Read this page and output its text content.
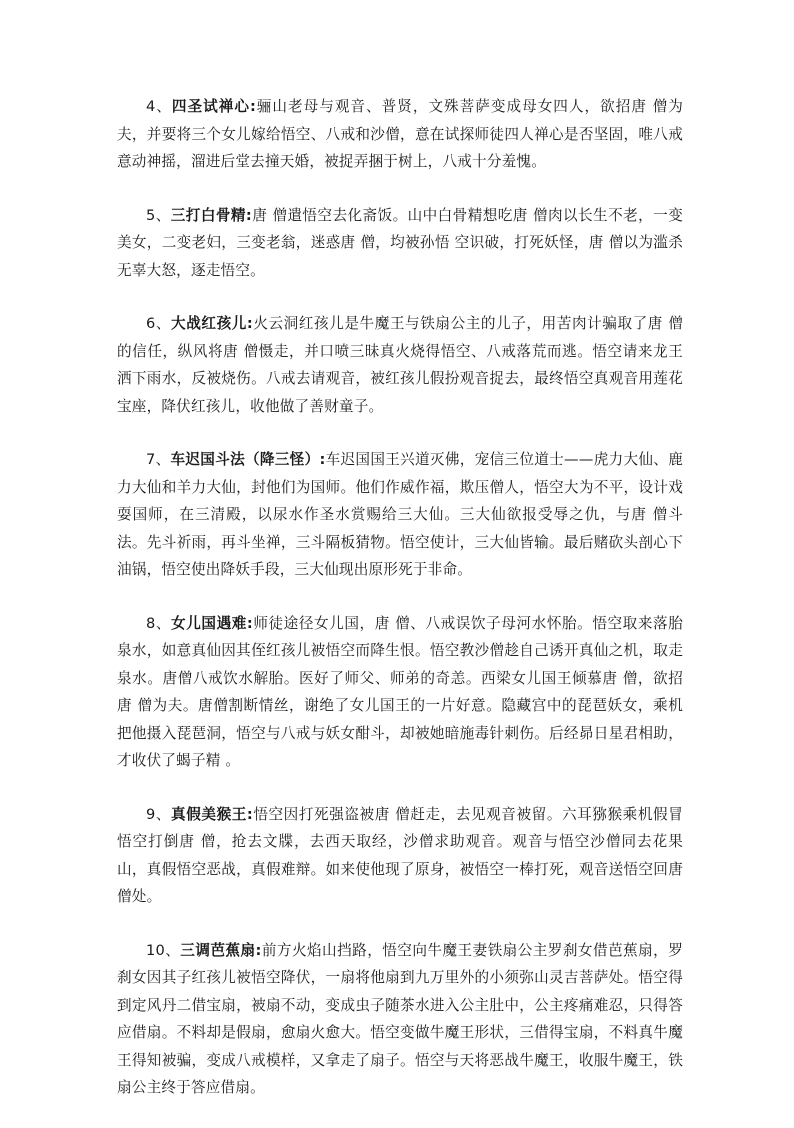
4、四圣试禅心:骊山老母与观音、普贤，文殊菩萨变成母女四人，欲招唐 僧为夫，并要将三个女儿嫁给悟空、八戒和沙僧，意在试探师徒四人禅心是否坚固，唯八戒意动神摇，溜进后堂去撞天婚，被捉弄捆于树上，八戒十分羞愧。

5、三打白骨精:唐 僧遣悟空去化斋饭。山中白骨精想吃唐 僧肉以长生不老，一变美女，二变老妇，三变老翁，迷惑唐 僧，均被孙悟 空识破，打死妖怪，唐 僧以为滥杀无辜大怒，逐走悟空。

6、大战红孩儿:火云洞红孩儿是牛魔王与铁扇公主的儿子，用苦肉计骗取了唐 僧的信任，纵风将唐 僧慑走，并口喷三昧真火烧得悟空、八戒落荒而逃。悟空请来龙王洒下雨水，反被烧伤。八戒去请观音，被红孩儿假扮观音捉去，最终悟空真观音用莲花宝座，降伏红孩儿，收他做了善财童子。

7、车迟国斗法（降三怪）:车迟国国王兴道灭佛，宠信三位道士——虎力大仙、鹿力大仙和羊力大仙，封他们为国师。他们作威作福，欺压僧人，悟空大为不平，设计戏耍国师，在三清殿，以尿水作圣水赏赐给三大仙。三大仙欲报受辱之仇，与唐 僧斗法。先斗祈雨，再斗坐禅，三斗隔板猜物。悟空使计，三大仙皆输。最后赌砍头剖心下油锅，悟空使出降妖手段，三大仙现出原形死于非命。

8、女儿国遇难:师徒途径女儿国，唐 僧、八戒误饮子母河水怀胎。悟空取来落胎泉水，如意真仙因其侄红孩儿被悟空而降生恨。悟空教沙僧趁自己诱开真仙之机，取走泉水。唐僧八戒饮水解胎。医好了师父、师弟的奇恙。西梁女儿国王倾慕唐 僧，欲招唐 僧为夫。唐僧割断情丝，谢绝了女儿国王的一片好意。隐藏宫中的琵琶妖女，乘机把他摄入琵琶洞，悟空与八戒与妖女酣斗，却被她暗施毒针刺伤。后经昴日星君相助，才收伏了蝎子精 。

9、真假美猴王:悟空因打死强盗被唐 僧赶走，去见观音被留。六耳猕猴乘机假冒悟空打倒唐 僧，抢去文牒，去西天取经，沙僧求助观音。观音与悟空沙僧同去花果山，真假悟空恶战，真假难辩。如来使他现了原身，被悟空一棒打死，观音送悟空回唐 僧处。

10、三调芭蕉扇:前方火焰山挡路，悟空向牛魔王妻铁扇公主罗刹女借芭蕉扇，罗刹女因其子红孩儿被悟空降伏，一扇将他扇到九万里外的小须弥山灵吉菩萨处。悟空得到定风丹二借宝扇，被扇不动，变成虫子随茶水进入公主肚中，公主疼痛难忍，只得答应借扇。不料却是假扇，愈扇火愈大。悟空变做牛魔王形状，三借得宝扇，不料真牛魔王得知被骗，变成八戒模样，又拿走了扇子。悟空与天将恶战牛魔王，收服牛魔王，铁扇公主终于答应借扇。
